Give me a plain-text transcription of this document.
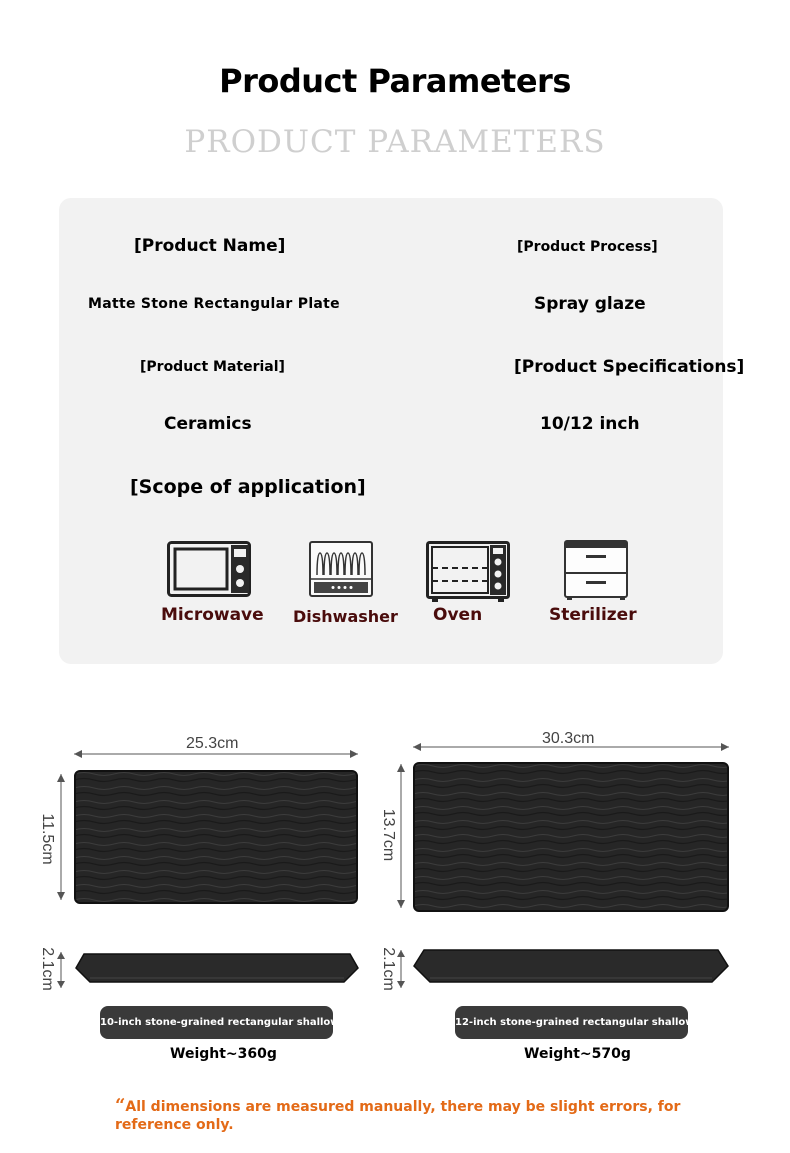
Product Parameters
PRODUCT PARAMETERS
[Product Name]	[Product Process]
Matte Stone Rectangular Plate	Spray glaze
[Product Material]	[Product Specifications]
Ceramics	10/12 inch
[Scope of application]
Microwave Dishwasher Oven	Sterilizer
25.3cm
11.5cm
2.1cm
10-inch stone-grained rectangular shallow dish
Weight~360g
30.3cm
13.7cm
2.1cm
12-inch stone-grained rectangular shallow dish
Weight~570g
“All dimensions are measured manually, there may be slight errors, for reference only.
